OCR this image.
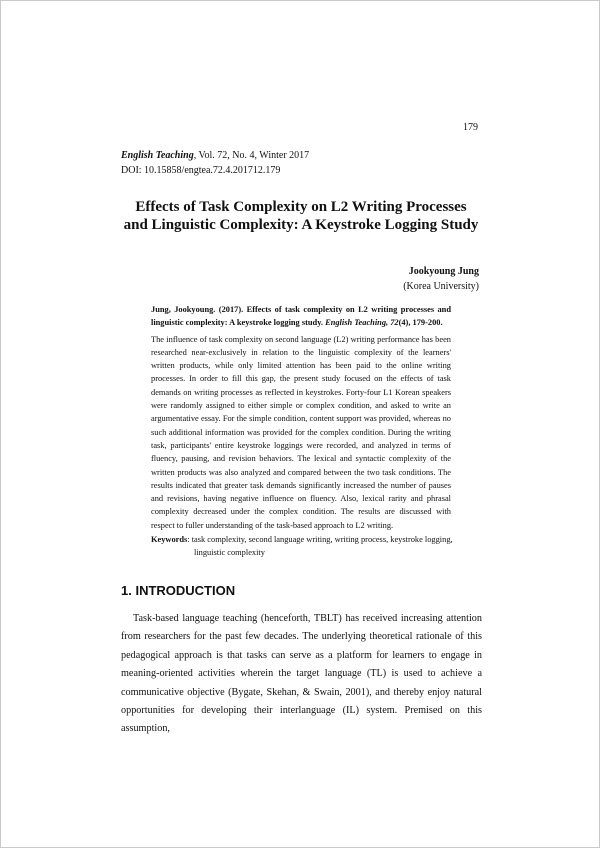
179
English Teaching, Vol. 72, No. 4, Winter 2017
DOI: 10.15858/engtea.72.4.201712.179
Effects of Task Complexity on L2 Writing Processes
and Linguistic Complexity: A Keystroke Logging Study
Jookyoung Jung
(Korea University)
Jung, Jookyoung. (2017). Effects of task complexity on L2 writing processes and linguistic complexity: A keystroke logging study. English Teaching, 72(4), 179-200.

The influence of task complexity on second language (L2) writing performance has been researched near-exclusively in relation to the linguistic complexity of the learners' written products, while only limited attention has been paid to the online writing processes. In order to fill this gap, the present study focused on the effects of task demands on writing processes as reflected in keystrokes. Forty-four L1 Korean speakers were randomly assigned to either simple or complex condition, and asked to write an argumentative essay. For the simple condition, content support was provided, whereas no such additional information was provided for the complex condition. During the writing task, participants' entire keystroke loggings were recorded, and analyzed in terms of fluency, pausing, and revision behaviors. The lexical and syntactic complexity of the written products was also analyzed and compared between the two task conditions. The results indicated that greater task demands significantly increased the number of pauses and revisions, having negative influence on fluency. Also, lexical rarity and phrasal complexity decreased under the complex condition. The results are discussed with respect to fuller understanding of the task-based approach to L2 writing.

Keywords: task complexity, second language writing, writing process, keystroke logging,
linguistic complexity
1. INTRODUCTION

Task-based language teaching (henceforth, TBLT) has received increasing attention from researchers for the past few decades. The underlying theoretical rationale of this pedagogical approach is that tasks can serve as a platform for learners to engage in meaning-oriented activities wherein the target language (TL) is used to achieve a communicative objective (Bygate, Skehan, & Swain, 2001), and thereby enjoy natural opportunities for developing their interlanguage (IL) system. Premised on this assumption,
